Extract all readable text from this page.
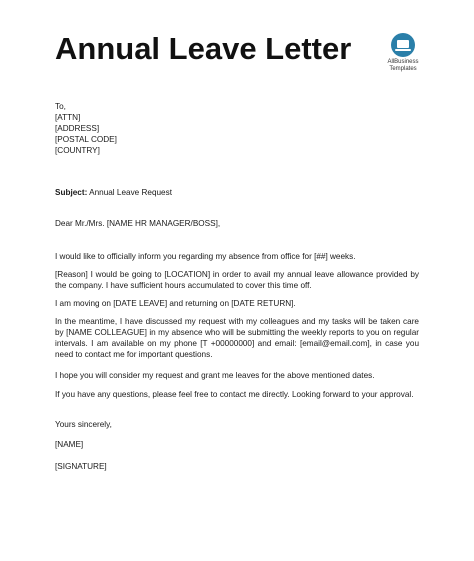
Annual Leave Letter	AllBusiness
Templates
To,
[ATTN]
[ADDRESS]
[POSTAL CODE]
[COUNTRY]
Subject: Annual Leave Request
Dear Mr./Mrs. [NAME HR MANAGER/BOSS],
I would like to officially inform you regarding my absence from office for [##] weeks.
[Reason] I would be going to [LOCATION] in order to avail my annual leave allowance provided by the company. I have sufficient hours accumulated to cover this time off.
I am moving on [DATE LEAVE] and returning on [DATE RETURN].
In the meantime, I have discussed my request with my colleagues and my tasks will be taken care by [NAME COLLEAGUE] in my absence who will be submitting the weekly reports to you on regular intervals. I am available on my phone [T +00000000] and email: [email@email.com], in case you need to contact me for important questions.
I hope you will consider my request and grant me leaves for the above mentioned dates.
If you have any questions, please feel free to contact me directly. Looking forward to your approval.
Yours sincerely,
[NAME]
[SIGNATURE]
